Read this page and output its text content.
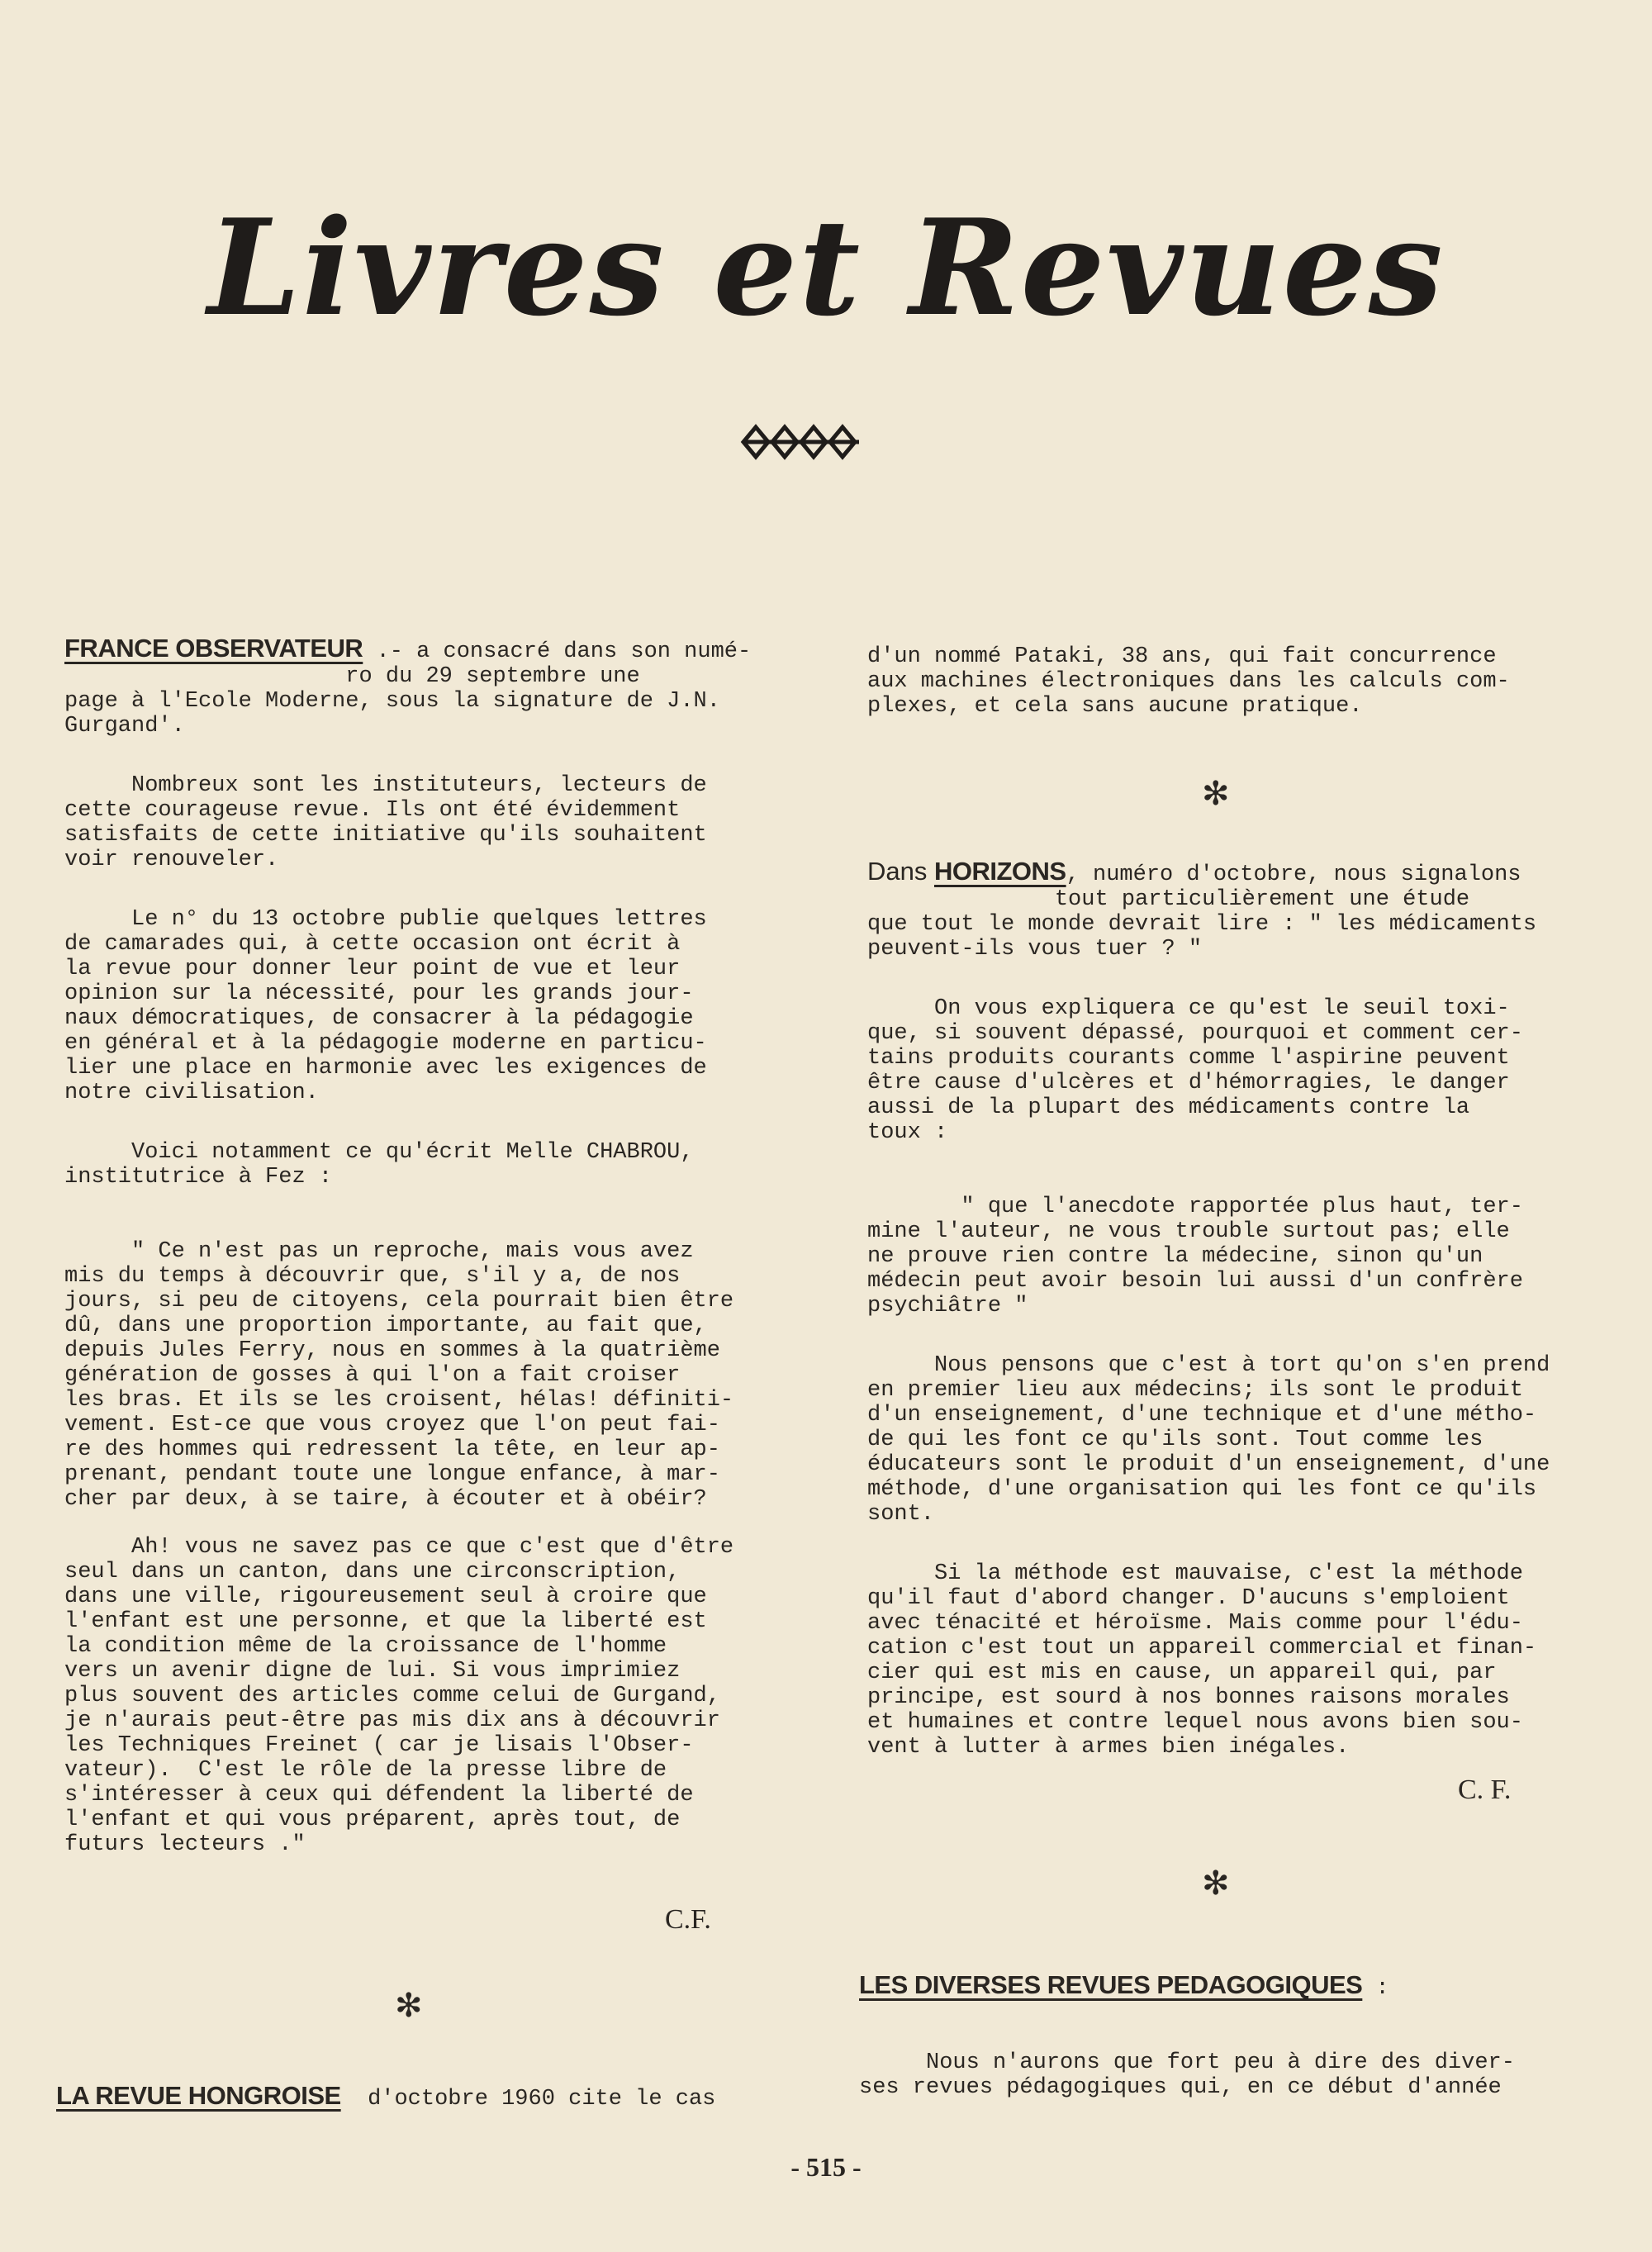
Livres et Revues

FRANCE OBSERVATEUR .- a consacré dans son numé-

ro du 29 septembre une

page à l'Ecole Moderne, sous la signature de J.N.

Gurgand'.

Nombreux sont les instituteurs, lecteurs de

cette courageuse revue. Ils ont été évidemment

satisfaits de cette initiative qu'ils souhaitent

voir renouveler.

Le n° du 13 octobre publie quelques lettres

de camarades qui, à cette occasion ont écrit à

la revue pour donner leur point de vue et leur

opinion sur la nécessité, pour les grands jour-

naux démocratiques, de consacrer à la pédagogie

en général et à la pédagogie moderne en particu-

lier une place en harmonie avec les exigences de

notre civilisation.

Voici notamment ce qu'écrit Melle CHABROU,

institutrice à Fez :

" Ce n'est pas un reproche, mais vous avez

mis du temps à découvrir que, s'il y a, de nos

jours, si peu de citoyens, cela pourrait bien être

dû, dans une proportion importante, au fait que,

depuis Jules Ferry, nous en sommes à la quatrième

génération de gosses à qui l'on a fait croiser

les bras. Et ils se les croisent, hélas! définiti-

vement. Est-ce que vous croyez que l'on peut fai-

re des hommes qui redressent la tête, en leur ap-

prenant, pendant toute une longue enfance, à mar-

cher par deux, à se taire, à écouter et à obéir?

Ah! vous ne savez pas ce que c'est que d'être

seul dans un canton, dans une circonscription,

dans une ville, rigoureusement seul à croire que

l'enfant est une personne, et que la liberté est

la condition même de la croissance de l'homme

vers un avenir digne de lui. Si vous imprimiez

plus souvent des articles comme celui de Gurgand,

je n'aurais peut-être pas mis dix ans à découvrir

les Techniques Freinet ( car je lisais l'Obser-

vateur).  C'est le rôle de la presse libre de

s'intéresser à ceux qui défendent la liberté de

l'enfant et qui vous préparent, après tout, de

futurs lecteurs ."

C.F.
✻

LA REVUE HONGROISE  d'octobre 1960 cite le cas

d'un nommé Pataki, 38 ans, qui fait concurrence

aux machines électroniques dans les calculs com-

plexes, et cela sans aucune pratique.

✻

Dans HORIZONS, numéro d'octobre, nous signalons

tout particulièrement une étude

que tout le monde devrait lire : " les médicaments

peuvent-ils vous tuer ? "

On vous expliquera ce qu'est le seuil toxi-

que, si souvent dépassé, pourquoi et comment cer-

tains produits courants comme l'aspirine peuvent

être cause d'ulcères et d'hémorragies, le danger

aussi de la plupart des médicaments contre la

toux :

" que l'anecdote rapportée plus haut, ter-

mine l'auteur, ne vous trouble surtout pas; elle

ne prouve rien contre la médecine, sinon qu'un

médecin peut avoir besoin lui aussi d'un confrère

psychiâtre "

Nous pensons que c'est à tort qu'on s'en prend

en premier lieu aux médecins; ils sont le produit

d'un enseignement, d'une technique et d'une métho-

de qui les font ce qu'ils sont. Tout comme les

éducateurs sont le produit d'un enseignement, d'une

méthode, d'une organisation qui les font ce qu'ils

sont.

Si la méthode est mauvaise, c'est la méthode

qu'il faut d'abord changer. D'aucuns s'emploient

avec ténacité et héroïsme. Mais comme pour l'édu-

cation c'est tout un appareil commercial et finan-

cier qui est mis en cause, un appareil qui, par

principe, est sourd à nos bonnes raisons morales

et humaines et contre lequel nous avons bien sou-

vent à lutter à armes bien inégales.

C. F.
✻

LES DIVERSES REVUES PEDAGOGIQUES :

Nous n'aurons que fort peu à dire des diver-

ses revues pédagogiques qui, en ce début d'année

- 515 -
